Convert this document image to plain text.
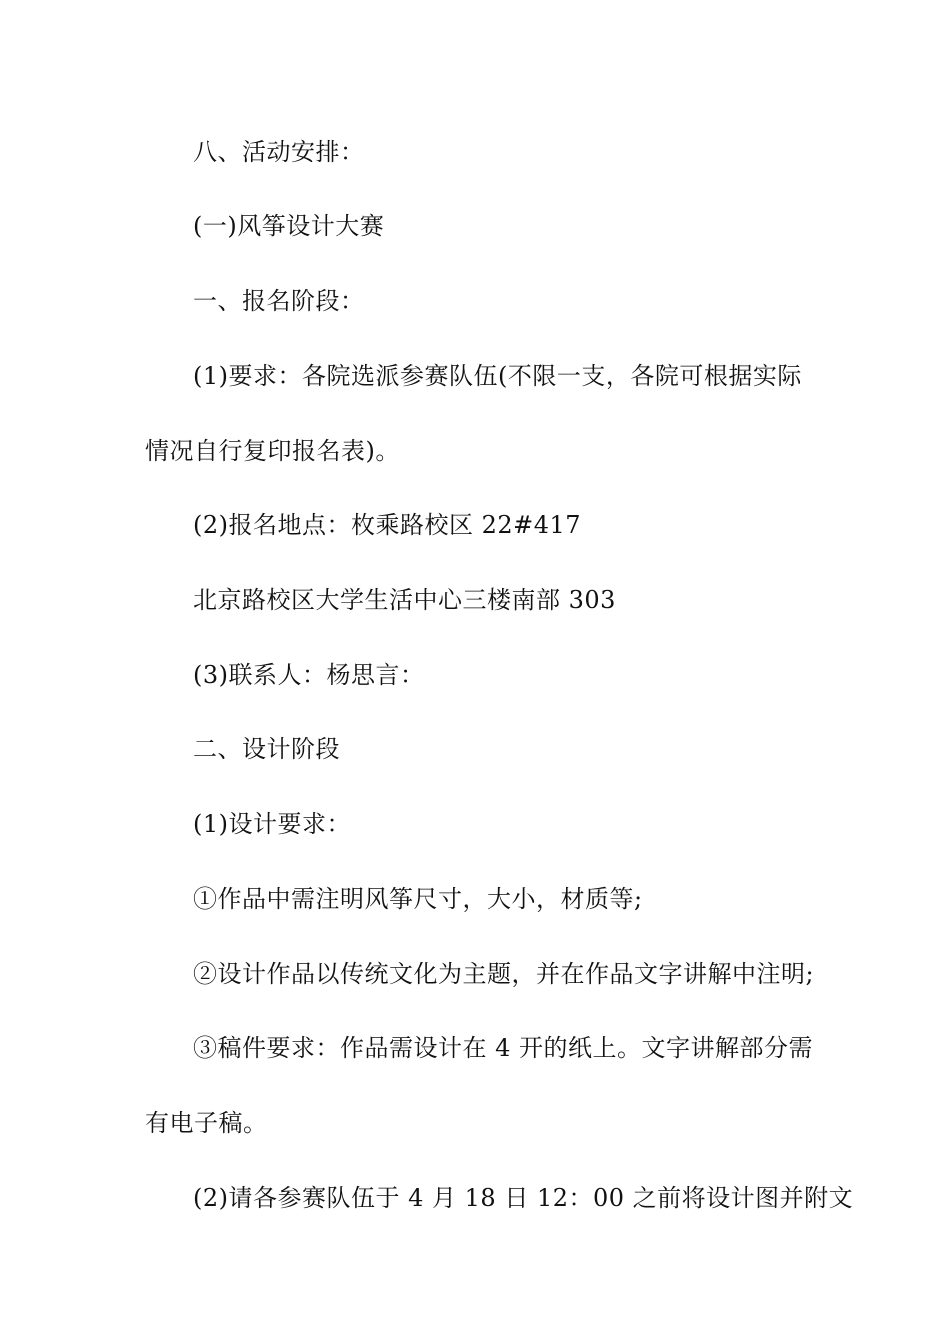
八、活动安排：
(一)风筝设计大赛
一、报名阶段：
(1)要求：各院选派参赛队伍(不限一支，各院可根据实际
情况自行复印报名表)。
(2)报名地点：枚乘路校区 22#417
北京路校区大学生活中心三楼南部 303
(3)联系人：杨思言：
二、设计阶段
(1)设计要求：
①作品中需注明风筝尺寸，大小，材质等;
②设计作品以传统文化为主题，并在作品文字讲解中注明;
③稿件要求：作品需设计在 4 开的纸上。文字讲解部分需
有电子稿。
(2)请各参赛队伍于 4 月 18 日 12：00 之前将设计图并附文
